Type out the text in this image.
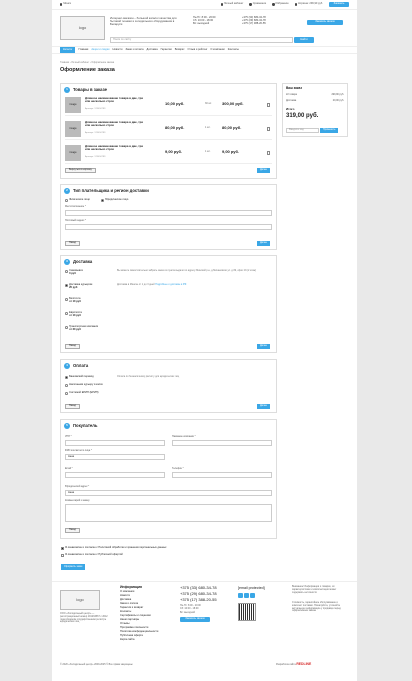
Минск	Личный кабинет	Сравнение	Избранное	Корзина: 299,90 руб.	Заказать
logo
Интернет-магазин – большой каталог качества для бытовой техники и холодильного оборудования в Беларуси
Пн-Пт: 8:00 - 20:00
Сб: 10:00 - 18:00
Вс: выходной
+375 (33) 680-34-78
+375 (29) 680-34-78
+375 (17) 388-20-55
Заказать звонок
Поиск по сайту	Найти
Каталог	Главная Акции и скидки Новости Заказ и оплата Доставка Гарантии Возврат Отзыв и рейтинг О компании Контакты
Главная › Личный кабинет › Оформление заказа
Оформление заказа
1	Товары в заказе
image
Длинное наименование товара в две, три или несколько строк
Артикул: 123456789
10,00 руб.	30 шт.	300,00 руб.
image
Длинное наименование товара в две, три или несколько строк
Артикул: 123456789
80,00 руб.	1 шт.	80,00 руб.
image
Длинное наименование товара в две, три или несколько строк
Артикул: 123456789
9,00 руб.	1 шт.	9,00 руб.
Вернуться в корзину	Далее
2	Тип плательщика и регион доставки
Физическое лицо	Юридическое лицо
Местоположение *
Почтовый индекс *
Назад	Далее
3	Доставка
Самовывоз
0 руб
Доставка курьером
20 руб
Белпочта
от 10 руб
Европочта
от 10 руб
Транспортная компания
от 20 руб
Вы можете самостоятельно забрать заказ из пункта выдачи по адресу Минский р-н, д.Михановичи ул. д.69, офис 16 (2 этаж)
Доставка в Минске от 1 до 3 дней Подробнее о доставке в РФ
Назад	Далее
4	Оплата
Банковский перевод
Наличными курьеру в кассе
Системой ЕРИП (ЕРИП)
Оплата по безналичному расчёту для юридических лиц
Назад	Далее
5	Покупатель
УНП *	Название компании *
ФИО контактного лица *
Анна
Email *	Телефон *
Юридический адрес *
Анна
Комментарий к заказу
Назад
Я ознакомлен и согласен с Политикой обработки и хранения персональных данных
Я ознакомлен и согласен с Публичной офертой
Оформить заказ
Ваш заказ
22 товара	299,90 руб.
Доставка	20,00 руб.
Итого
319,00 руб.
Введите код	Применить
logo
ООО «Холодильный центр» — регистрационный номер 191234567 с 2012 года в Едином государственном регистре юридических лиц
Информация
О компании
Новости
Доставка
Заказ и оплата
Гарантия и возврат
Контакты
Сертификаты и лицензии
Наши партнёры
Отзывы
Программа лояльности
Политика конфиденциальности
Публичная оферта
Карта сайта
+375 (33) 680-34-78
+375 (29) 680-34-78
+375 (17) 388-20-55
Пн-Пт: 8:00 - 20:00
Сб: 10:00 - 18:00
Вс: выходной
Заказать звонок
[email protected]	Внимание! Информация о товарах, их характеристиках и комплектации может содержать неточности
Стоимость, гарантийное обслуживание и комплект поставки. Пожалуйста, уточняйте актуальную информацию у продавца перед оформлением заказа
© 2020 «Холодильный центр» 2009-2025 © Все права защищены	Разработка сайта REDLINE
